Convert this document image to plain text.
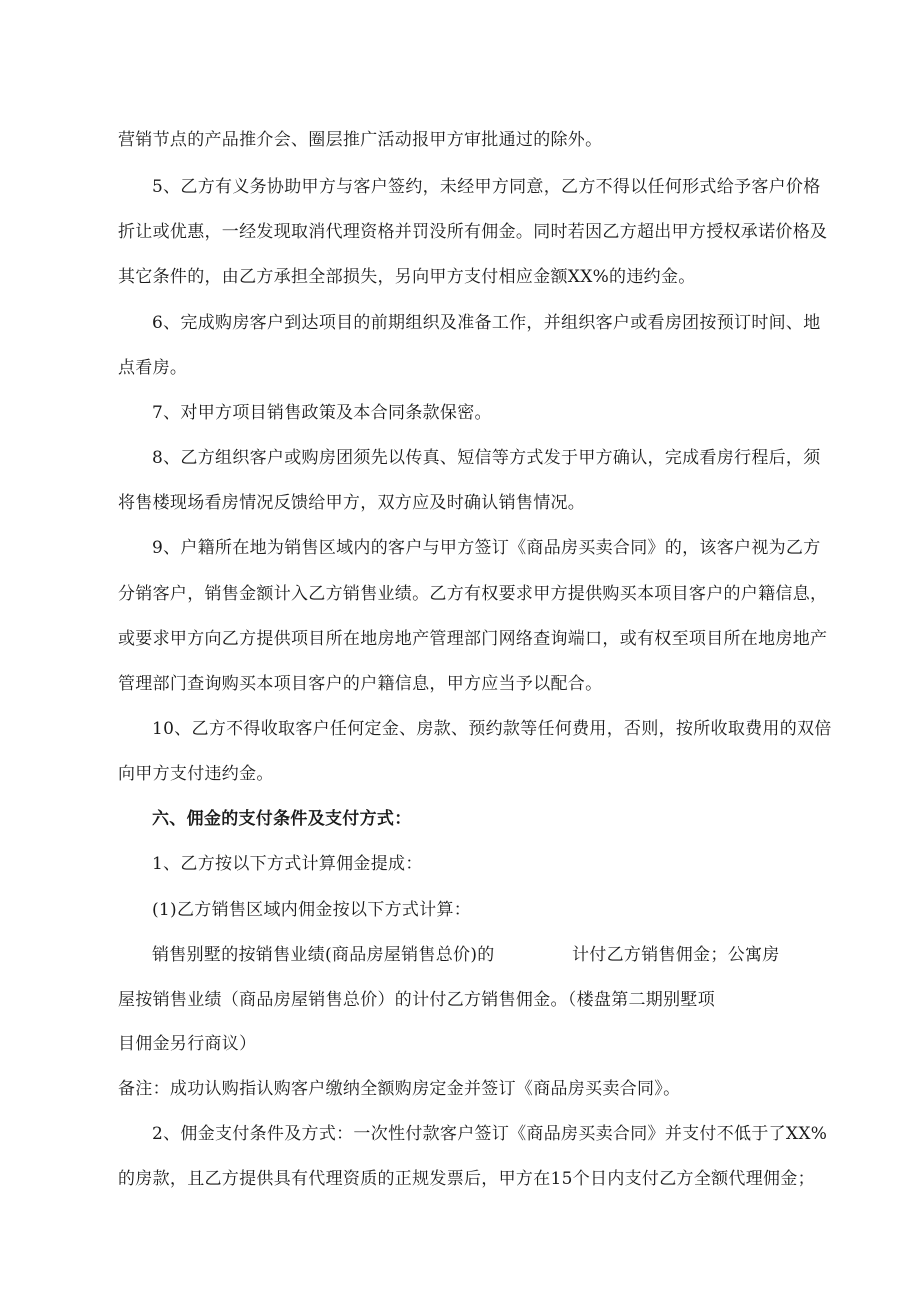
营销节点的产品推介会、圈层推广活动报甲方审批通过的除外。
5、乙方有义务协助甲方与客户签约，未经甲方同意，乙方不得以任何形式给予客户价格
折让或优惠，一经发现取消代理资格并罚没所有佣金。同时若因乙方超出甲方授权承诺价格及
其它条件的，由乙方承担全部损失，另向甲方支付相应金额XX%的违约金。
6、完成购房客户到达项目的前期组织及准备工作，并组织客户或看房团按预订时间、地
点看房。
7、对甲方项目销售政策及本合同条款保密。
8、乙方组织客户或购房团须先以传真、短信等方式发于甲方确认，完成看房行程后，须
将售楼现场看房情况反馈给甲方，双方应及时确认销售情况。
9、户籍所在地为销售区域内的客户与甲方签订《商品房买卖合同》的，该客户视为乙方
分销客户，销售金额计入乙方销售业绩。乙方有权要求甲方提供购买本项目客户的户籍信息，
或要求甲方向乙方提供项目所在地房地产管理部门网络查询端口，或有权至项目所在地房地产
管理部门查询购买本项目客户的户籍信息，甲方应当予以配合。
10、乙方不得收取客户任何定金、房款、预约款等任何费用，否则，按所收取费用的双倍
向甲方支付违约金。
六、佣金的支付条件及支付方式：
1、乙方按以下方式计算佣金提成：
(1)乙方销售区域内佣金按以下方式计算：
销售别墅的按销售业绩(商品房屋销售总价)的	计付乙方销售佣金；公寓房
屋按销售业绩（商品房屋销售总价）的计付乙方销售佣金。（楼盘第二期别墅项
目佣金另行商议）
备注：成功认购指认购客户缴纳全额购房定金并签订《商品房买卖合同》。
2、佣金支付条件及方式：一次性付款客户签订《商品房买卖合同》并支付不低于了XX%
的房款，且乙方提供具有代理资质的正规发票后，甲方在15个日内支付乙方全额代理佣金；
